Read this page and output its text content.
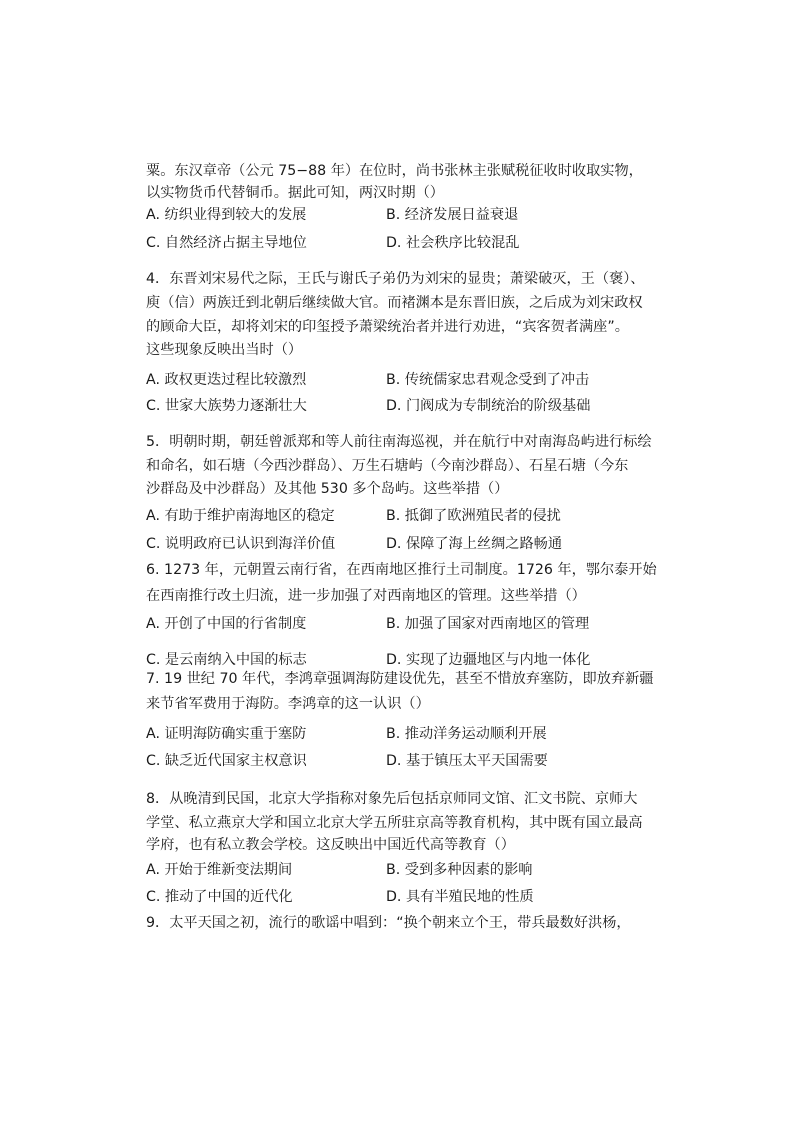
粟。东汉章帝（公元 75−88 年）在位时，尚书张林主张赋税征收时收取实物，
以实物货币代替铜币。据此可知，两汉时期（）
A. 纺织业得到较大的发展	B. 经济发展日益衰退
C. 自然经济占据主导地位	D. 社会秩序比较混乱
4．东晋刘宋易代之际，王氏与谢氏子弟仍为刘宋的显贵；萧梁破灭，王（褒）、
庾（信）两族迁到北朝后继续做大官。而褚渊本是东晋旧族，之后成为刘宋政权
的顾命大臣，却将刘宋的印玺授予萧梁统治者并进行劝进，“宾客贺者满座”。
这些现象反映出当时（）
A. 政权更迭过程比较激烈	B. 传统儒家忠君观念受到了冲击
C. 世家大族势力逐渐壮大	D. 门阀成为专制统治的阶级基础
5．明朝时期，朝廷曾派郑和等人前往南海巡视，并在航行中对南海岛屿进行标绘
和命名，如石塘（今西沙群岛）、万生石塘屿（今南沙群岛）、石星石塘（今东
沙群岛及中沙群岛）及其他 530 多个岛屿。这些举措（）
A. 有助于维护南海地区的稳定	B. 抵御了欧洲殖民者的侵扰
C. 说明政府已认识到海洋价值	D. 保障了海上丝绸之路畅通
6. 1273 年，元朝置云南行省，在西南地区推行土司制度。1726 年，鄂尔泰开始
在西南推行改土归流，进一步加强了对西南地区的管理。这些举措（）
A. 开创了中国的行省制度	B. 加强了国家对西南地区的管理
C. 是云南纳入中国的标志	D. 实现了边疆地区与内地一体化
7. 19 世纪 70 年代，李鸿章强调海防建设优先，甚至不惜放弃塞防，即放弃新疆
来节省军费用于海防。李鸿章的这一认识（）
A. 证明海防确实重于塞防	B. 推动洋务运动顺利开展
C. 缺乏近代国家主权意识	D. 基于镇压太平天国需要
8．从晚清到民国，北京大学指称对象先后包括京师同文馆、汇文书院、京师大
学堂、私立燕京大学和国立北京大学五所驻京高等教育机构，其中既有国立最高
学府，也有私立教会学校。这反映出中国近代高等教育（）
A. 开始于维新变法期间	B. 受到多种因素的影响
C. 推动了中国的近代化	D. 具有半殖民地的性质
9．太平天国之初，流行的歌谣中唱到：“换个朝来立个王，带兵最数好洪杨，
